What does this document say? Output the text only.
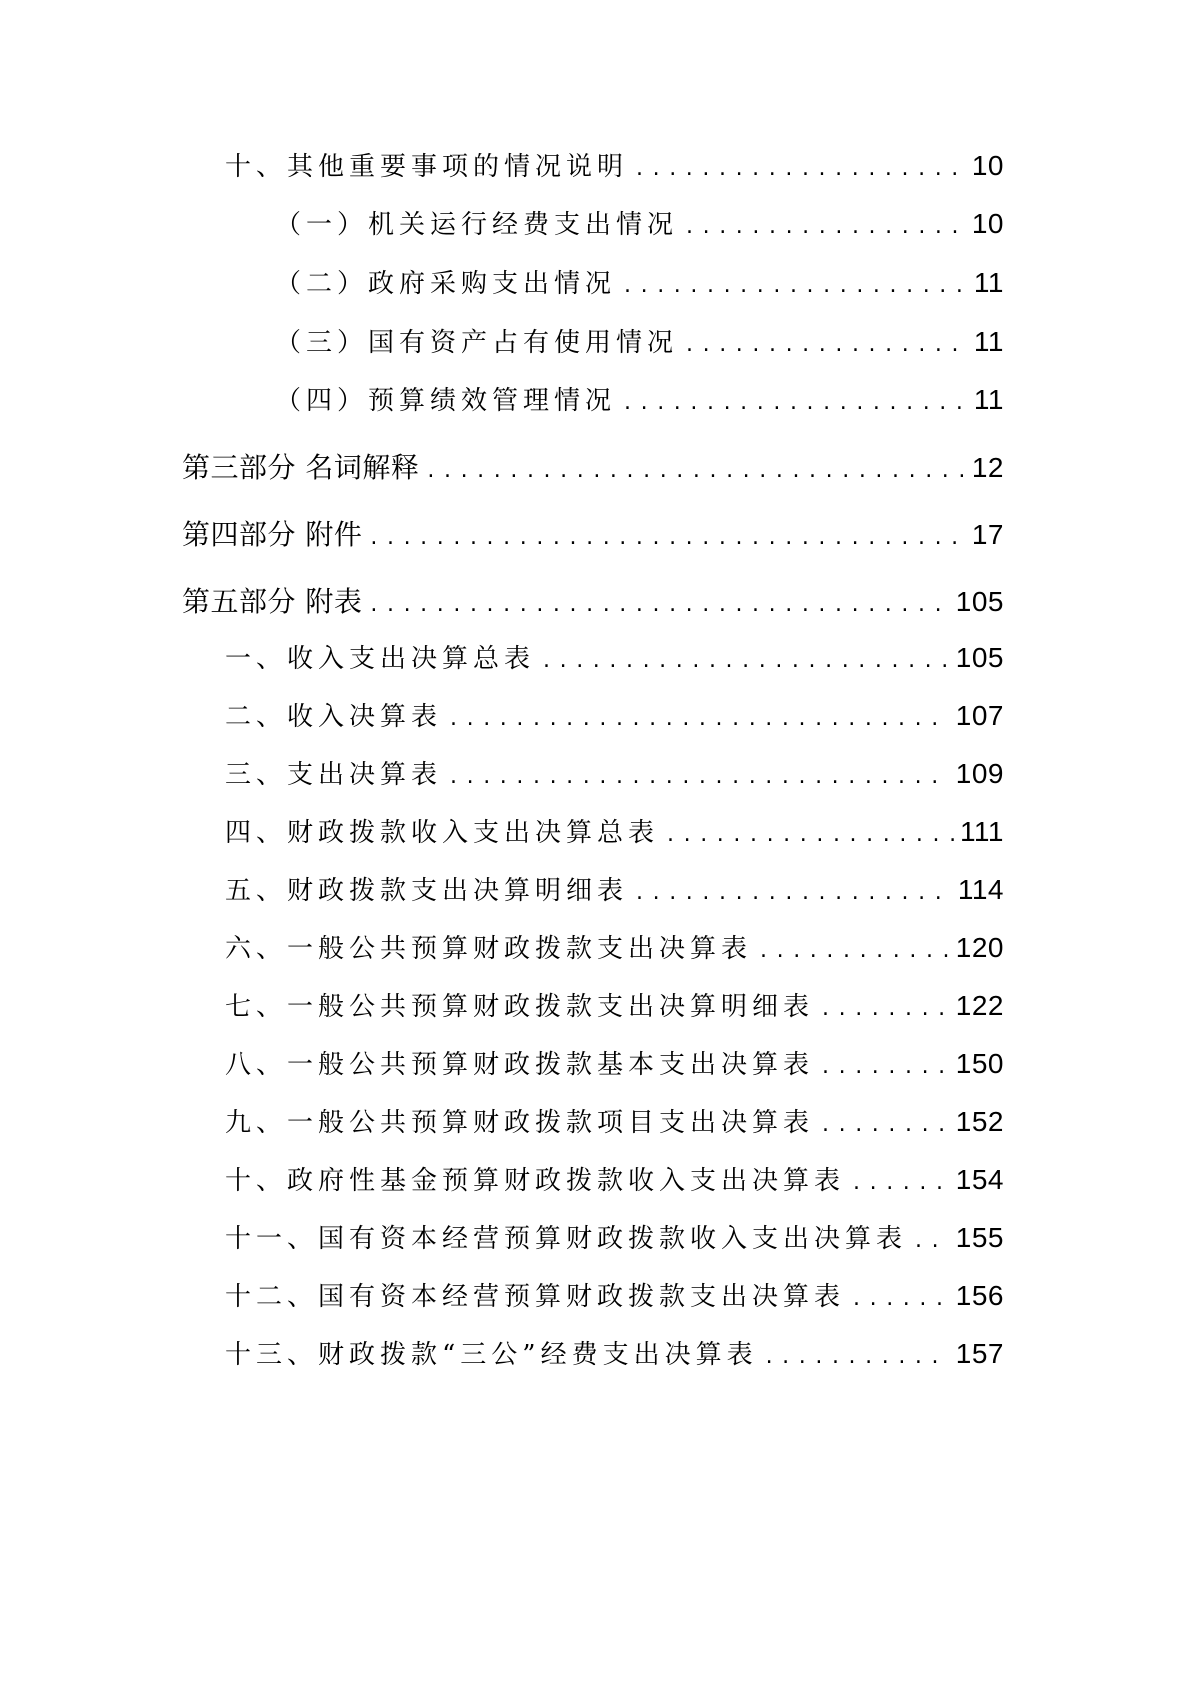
十、其他重要事项的情况说明 .....	10
（一）机关运行经费支出情况 .....	10
（二）政府采购支出情况 .....	11
（三）国有资产占有使用情况 .....	11
（四）预算绩效管理情况 .....	11
第三部分 名词解释 .....	12
第四部分 附件 .....	17
第五部分 附表 .....	105
一、收入支出决算总表 .....	105
二、收入决算表 .....	107
三、支出决算表 .....	109
四、财政拨款收入支出决算总表 .....	111
五、财政拨款支出决算明细表 .....	114
六、一般公共预算财政拨款支出决算表 .....	120
七、一般公共预算财政拨款支出决算明细表 .....	122
八、一般公共预算财政拨款基本支出决算表 .....	150
九、一般公共预算财政拨款项目支出决算表 .....	152
十、政府性基金预算财政拨款收入支出决算表 .....	154
十一、国有资本经营预算财政拨款收入支出决算表 ..... 155
十二、国有资本经营预算财政拨款支出决算表 .....	156
十三、财政拨款“三公”经费支出决算表 .....	157
